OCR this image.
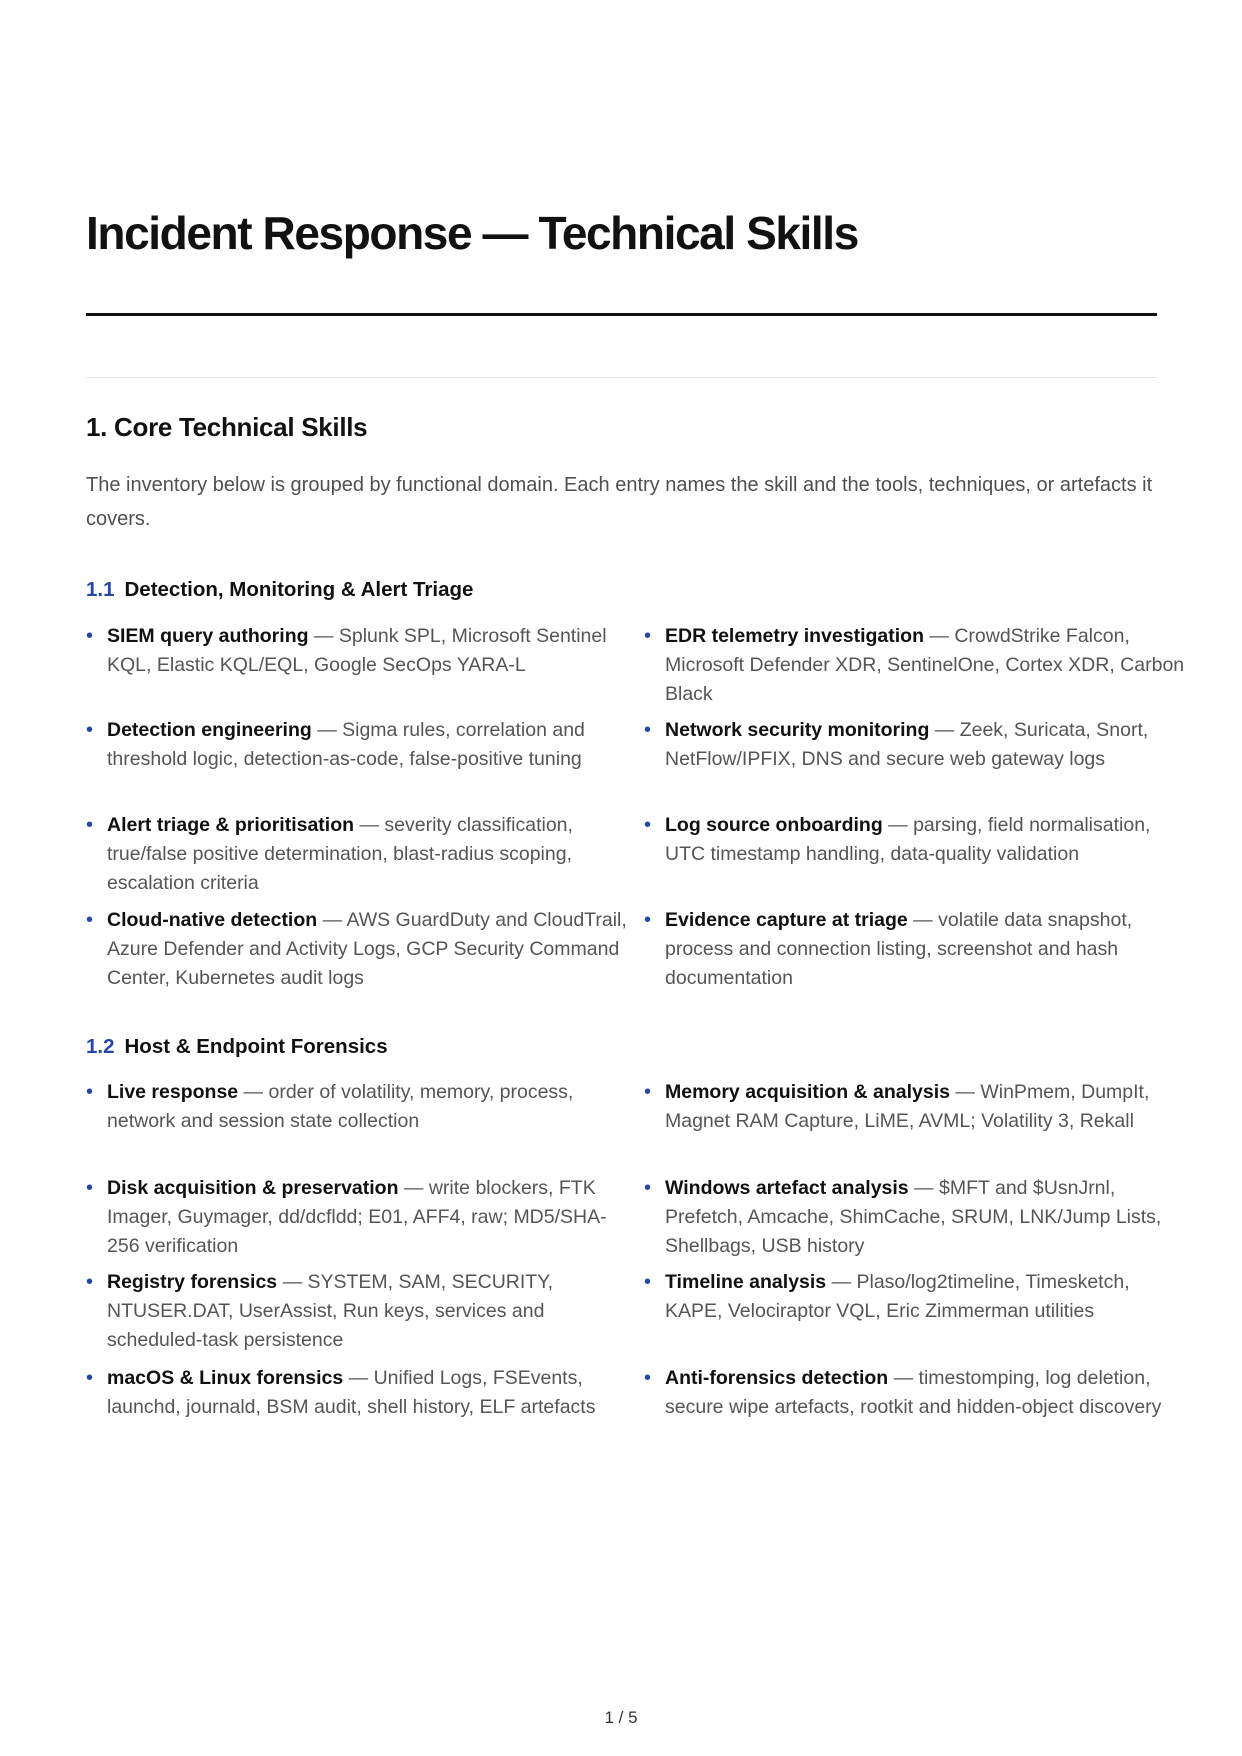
Incident Response — Technical Skills
1. Core Technical Skills

The inventory below is grouped by functional domain. Each entry names the skill and the tools, techniques, or artefacts it covers.

1.1 Detection, Monitoring & Alert Triage
• SIEM query authoring — Splunk SPL, Microsoft Sentinel KQL, Elastic KQL/EQL, Google SecOps YARA-L
• EDR telemetry investigation — CrowdStrike Falcon, Microsoft Defender XDR, SentinelOne, Cortex XDR, Carbon Black
• Detection engineering — Sigma rules, correlation and threshold logic, detection-as-code, false-positive tuning
• Network security monitoring — Zeek, Suricata, Snort, NetFlow/IPFIX, DNS and secure web gateway logs
• Alert triage & prioritisation — severity classification, true/false positive determination, blast-radius scoping, escalation criteria
• Log source onboarding — parsing, field normalisation, UTC timestamp handling, data-quality validation
• Cloud-native detection — AWS GuardDuty and CloudTrail, Azure Defender and Activity Logs, GCP Security Command Center, Kubernetes audit logs
• Evidence capture at triage — volatile data snapshot, process and connection listing, screenshot and hash documentation
1.2 Host & Endpoint Forensics
• Live response — order of volatility, memory, process, network and session state collection
• Memory acquisition & analysis — WinPmem, DumpIt, Magnet RAM Capture, LiME, AVML; Volatility 3, Rekall
• Disk acquisition & preservation — write blockers, FTK Imager, Guymager, dd/dcfldd; E01, AFF4, raw; MD5/SHA-256 verification
• Windows artefact analysis — $MFT and $UsnJrnl, Prefetch, Amcache, ShimCache, SRUM, LNK/Jump Lists, Shellbags, USB history
• Registry forensics — SYSTEM, SAM, SECURITY, NTUSER.DAT, UserAssist, Run keys, services and scheduled-task persistence
• Timeline analysis — Plaso/log2timeline, Timesketch, KAPE, Velociraptor VQL, Eric Zimmerman utilities
• macOS & Linux forensics — Unified Logs, FSEvents, launchd, journald, BSM audit, shell history, ELF artefacts
• Anti-forensics detection — timestomping, log deletion, secure wipe artefacts, rootkit and hidden-object discovery
1 / 5
